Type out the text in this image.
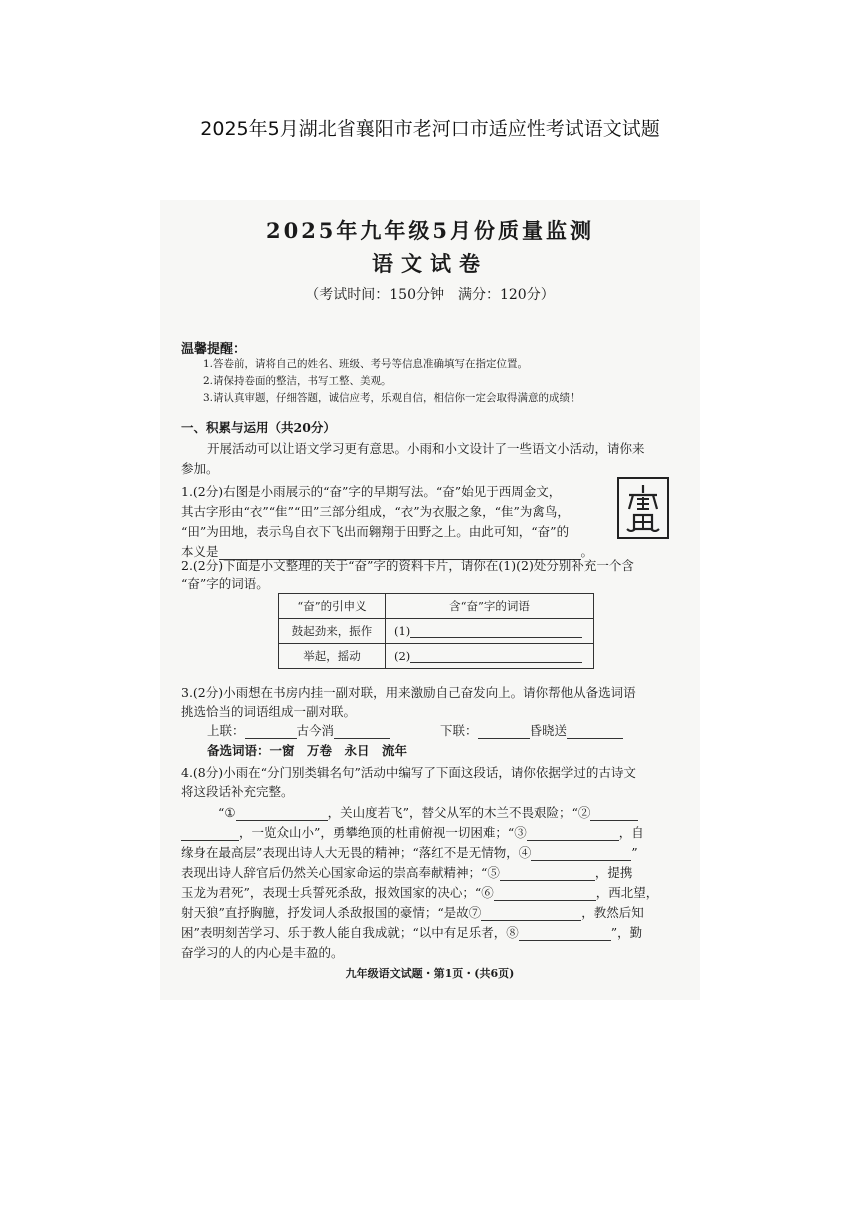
2025年5月湖北省襄阳市老河口市适应性考试语文试题
2025年九年级5月份质量监测
语文试卷
（考试时间：150分钟　满分：120分）
温馨提醒：
1.答卷前，请将自己的姓名、班级、考号等信息准确填写在指定位置。
2.请保持卷面的整洁，书写工整、美观。
3.请认真审题，仔细答题，诚信应考，乐观自信，相信你一定会取得满意的成绩！
一、积累与运用（共20分）
开展活动可以让语文学习更有意思。小雨和小文设计了一些语文小活动，请你来
参加。
1.(2分)右图是小雨展示的“奋”字的早期写法。“奋”始见于西周金文，
其古字形由“衣”“隹”“田”三部分组成，“衣”为衣服之象，“隹”为禽鸟，
“田”为田地，表示鸟自衣下飞出而翱翔于田野之上。由此可知，“奋”的
本义是	。
2.(2分)下面是小文整理的关于“奋”字的资料卡片，请你在(1)(2)处分别补充一个含
“奋”字的词语。
“奋”的引申义	含“奋”字的词语
鼓起劲来，振作	(1)
举起，摇动	(2)
3.(2分)小雨想在书房内挂一副对联，用来激励自己奋发向上。请你帮他从备选词语
挑选恰当的词语组成一副对联。
上联：	古今消	下联：	昏晓送
备选词语：一窗　万卷　永日　流年
4.(8分)小雨在“分门别类辑名句”活动中编写了下面这段话，请你依据学过的古诗文
将这段话补充完整。
“①	，关山度若飞”，替父从军的木兰不畏艰险；“②
，一览众山小”，勇攀绝顶的杜甫俯视一切困难；“③	，自
缘身在最高层”表现出诗人大无畏的精神；“落红不是无情物，④	”
表现出诗人辞官后仍然关心国家命运的崇高奉献精神；“⑤	，提携
玉龙为君死”，表现士兵誓死杀敌，报效国家的决心；“⑥	，西北望，
射天狼”直抒胸臆，抒发词人杀敌报国的豪情；“是故⑦	，教然后知
困”表明刻苦学习、乐于教人能自我成就；“以中有足乐者，⑧	”，勤
奋学习的人的内心是丰盈的。
九年级语文试题・第1页・(共6页)
